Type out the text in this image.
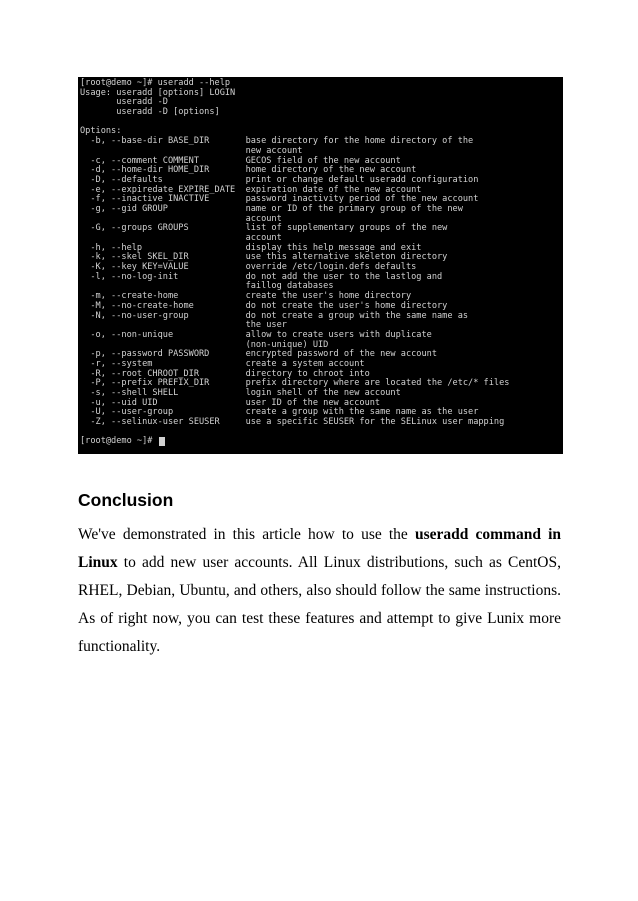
[root@demo ~]# useradd --help
Usage: useradd [options] LOGIN
useradd -D
useradd -D [options]
Options:
-b, --base-dir BASE_DIR       base directory for the home directory of the
new account
-c, --comment COMMENT         GECOS field of the new account
-d, --home-dir HOME_DIR       home directory of the new account
-D, --defaults                print or change default useradd configuration
-e, --expiredate EXPIRE_DATE  expiration date of the new account
-f, --inactive INACTIVE       password inactivity period of the new account
-g, --gid GROUP               name or ID of the primary group of the new
account
-G, --groups GROUPS           list of supplementary groups of the new
account
-h, --help                    display this help message and exit
-k, --skel SKEL_DIR           use this alternative skeleton directory
-K, --key KEY=VALUE           override /etc/login.defs defaults
-l, --no-log-init             do not add the user to the lastlog and
faillog databases
-m, --create-home             create the user's home directory
-M, --no-create-home          do not create the user's home directory
-N, --no-user-group           do not create a group with the same name as
the user
-o, --non-unique              allow to create users with duplicate
(non-unique) UID
-p, --password PASSWORD       encrypted password of the new account
-r, --system                  create a system account
-R, --root CHROOT_DIR         directory to chroot into
-P, --prefix PREFIX_DIR       prefix directory where are located the /etc/* files
-s, --shell SHELL             login shell of the new account
-u, --uid UID                 user ID of the new account
-U, --user-group              create a group with the same name as the user
-Z, --selinux-user SEUSER     use a specific SEUSER for the SELinux user mapping
[root@demo ~]#
Conclusion

We've demonstrated in this article how to use the useradd command in Linux to add new user accounts. All Linux distributions, such as CentOS, RHEL, Debian, Ubuntu, and others, also should follow the same instructions. As of right now, you can test these features and attempt to give Lunix more functionality.
